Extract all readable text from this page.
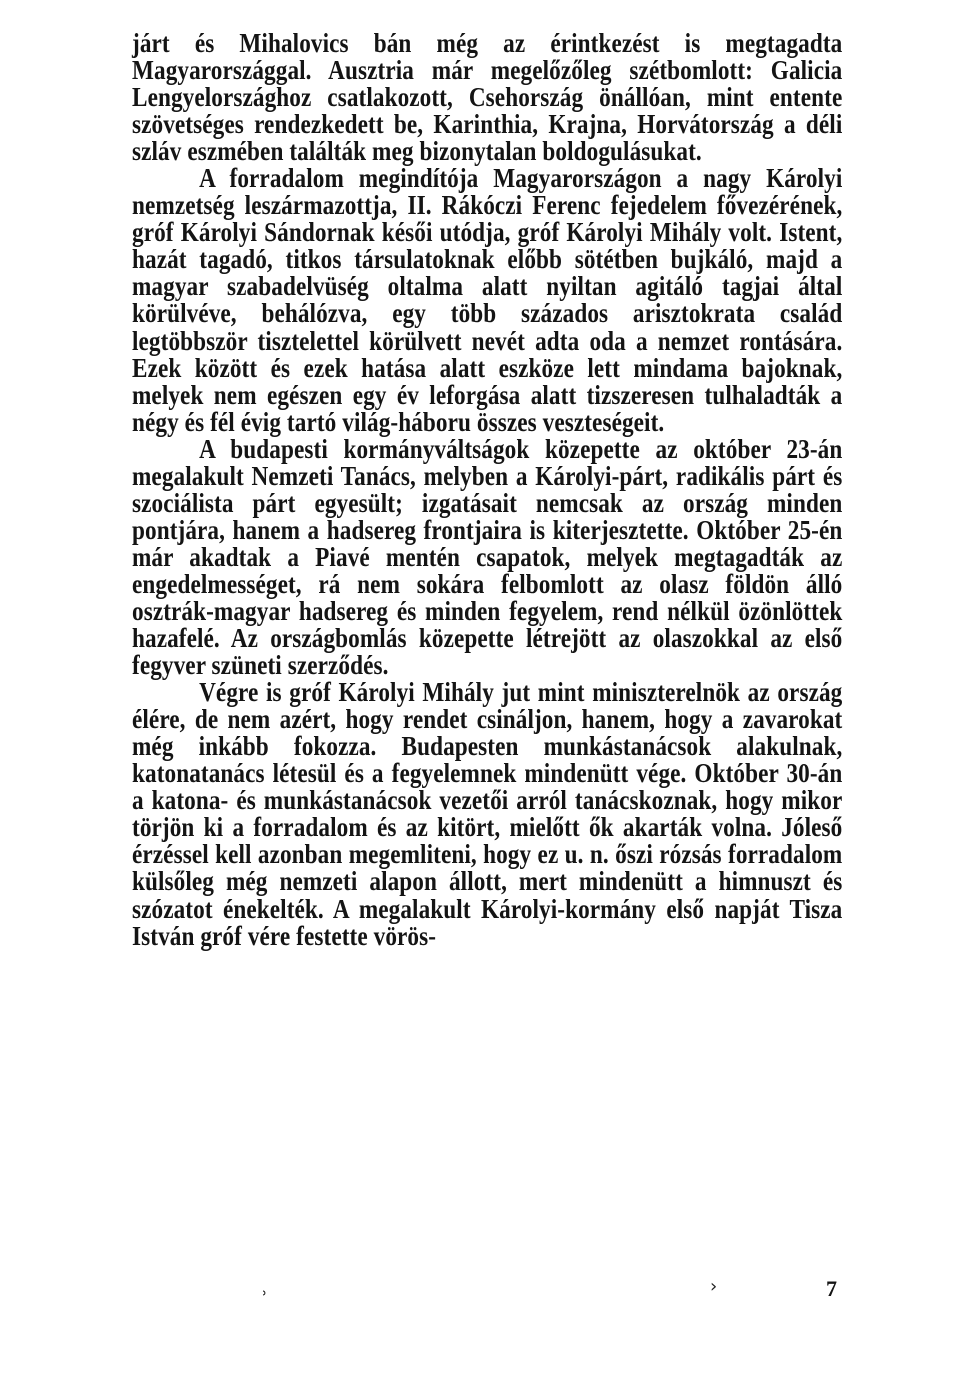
járt és Mihalovics bán még az érintkezést is megtagadta Magyarországgal. Ausztria már megelőzőleg szétbomlott: Galicia Lengyelországhoz csatlakozott, Csehország önállóan, mint entente szövetséges rendezkedett be, Karinthia, Krajna, Horvátország a déli szláv eszmében találták meg bizonytalan boldogulásukat.

A forradalom megindítója Magyarországon a nagy Károlyi nemzetség leszármazottja, II. Rákóczi Ferenc fejedelem fővezérének, gróf Károlyi Sándornak késői utódja, gróf Károlyi Mihály volt. Istent, hazát tagadó, titkos társulatoknak előbb sötétben bujkáló, majd a magyar szabadelvüség oltalma alatt nyiltan agitáló tagjai által körülvéve, behálózva, egy több százados arisztokrata család legtöbbször tisztelettel körülvett nevét adta oda a nemzet rontására. Ezek között és ezek hatása alatt eszköze lett mindama bajoknak, melyek nem egészen egy év leforgása alatt tizszeresen tulhaladták a négy és fél évig tartó világ-háboru összes veszteségeit.

A budapesti kormányváltságok közepette az október 23-án megalakult Nemzeti Tanács, melyben a Károlyi-párt, radikális párt és szociálista párt egyesült; izgatásait nemcsak az ország minden pontjára, hanem a hadsereg frontjaira is kiterjesztette. Október 25-én már akadtak a Piavé mentén csapatok, melyek megtagadták az engedelmességet, rá nem sokára felbomlott az olasz földön álló osztrák-magyar hadsereg és minden fegyelem, rend nélkül özönlöttek hazafelé. Az országbomlás közepette létrejött az olaszokkal az első fegyver szüneti szerződés.

Végre is gróf Károlyi Mihály jut mint miniszterelnök az ország élére, de nem azért, hogy rendet csináljon, hanem, hogy a zavarokat még inkább fokozza. Budapesten munkástanácsok alakulnak, katonatanács létesül és a fegyelemnek mindenütt vége. Október 30-án a katona- és munkástanácsok vezetői arról tanácskoznak, hogy mikor törjön ki a forradalom és az kitört, mielőtt ők akarták volna. Jóleső érzéssel kell azonban megemliteni, hogy ez u. n. őszi rózsás forradalom külsőleg még nemzeti alapon állott, mert mindenütt a himnuszt és szózatot énekelték. A megalakult Károlyi-kormány első napját Tisza István gróf vére festette vörös-

7
˒	›
